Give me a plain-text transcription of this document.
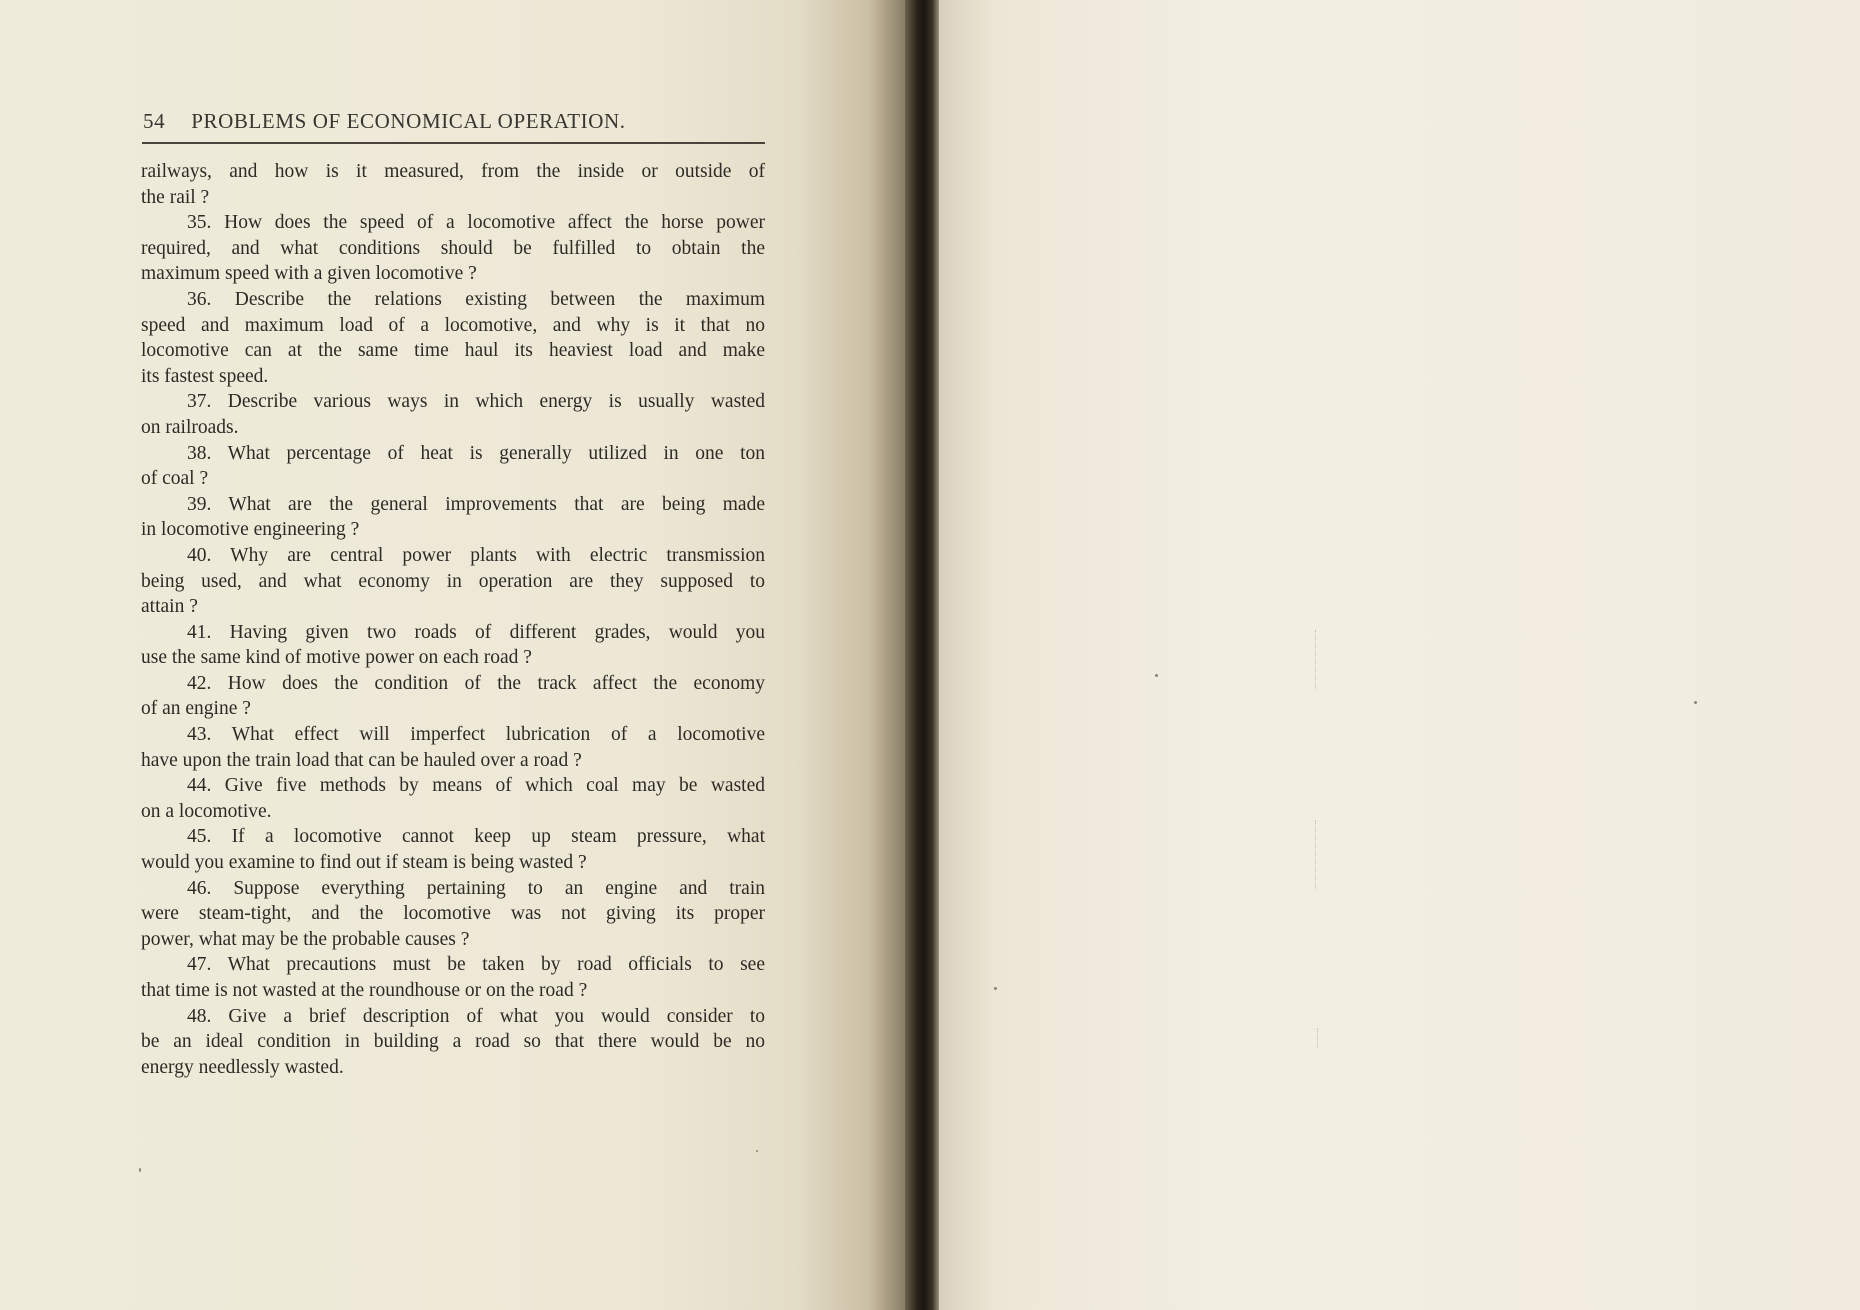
54 PROBLEMS OF ECONOMICAL OPERATION.
railways, and how is it measured, from the inside or outside of
the rail ?
35. How does the speed of a locomotive affect the horse power
required, and what conditions should be fulfilled to obtain the
maximum speed with a given locomotive ?
36. Describe the relations existing between the maximum
speed and maximum load of a locomotive, and why is it that no
locomotive can at the same time haul its heaviest load and make
its fastest speed.
37. Describe various ways in which energy is usually wasted
on railroads.
38. What percentage of heat is generally utilized in one ton
of coal ?
39. What are the general improvements that are being made
in locomotive engineering ?
40. Why are central power plants with electric transmission
being used, and what economy in operation are they supposed to
attain ?
41. Having given two roads of different grades, would you
use the same kind of motive power on each road ?
42. How does the condition of the track affect the economy
of an engine ?
43. What effect will imperfect lubrication of a locomotive
have upon the train load that can be hauled over a road ?
44. Give five methods by means of which coal may be wasted
on a locomotive.
45. If a locomotive cannot keep up steam pressure, what
would you examine to find out if steam is being wasted ?
46. Suppose everything pertaining to an engine and train
were steam-tight, and the locomotive was not giving its proper
power, what may be the probable causes ?
47. What precautions must be taken by road officials to see
that time is not wasted at the roundhouse or on the road ?
48. Give a brief description of what you would consider to
be an ideal condition in building a road so that there would be no
energy needlessly wasted.
